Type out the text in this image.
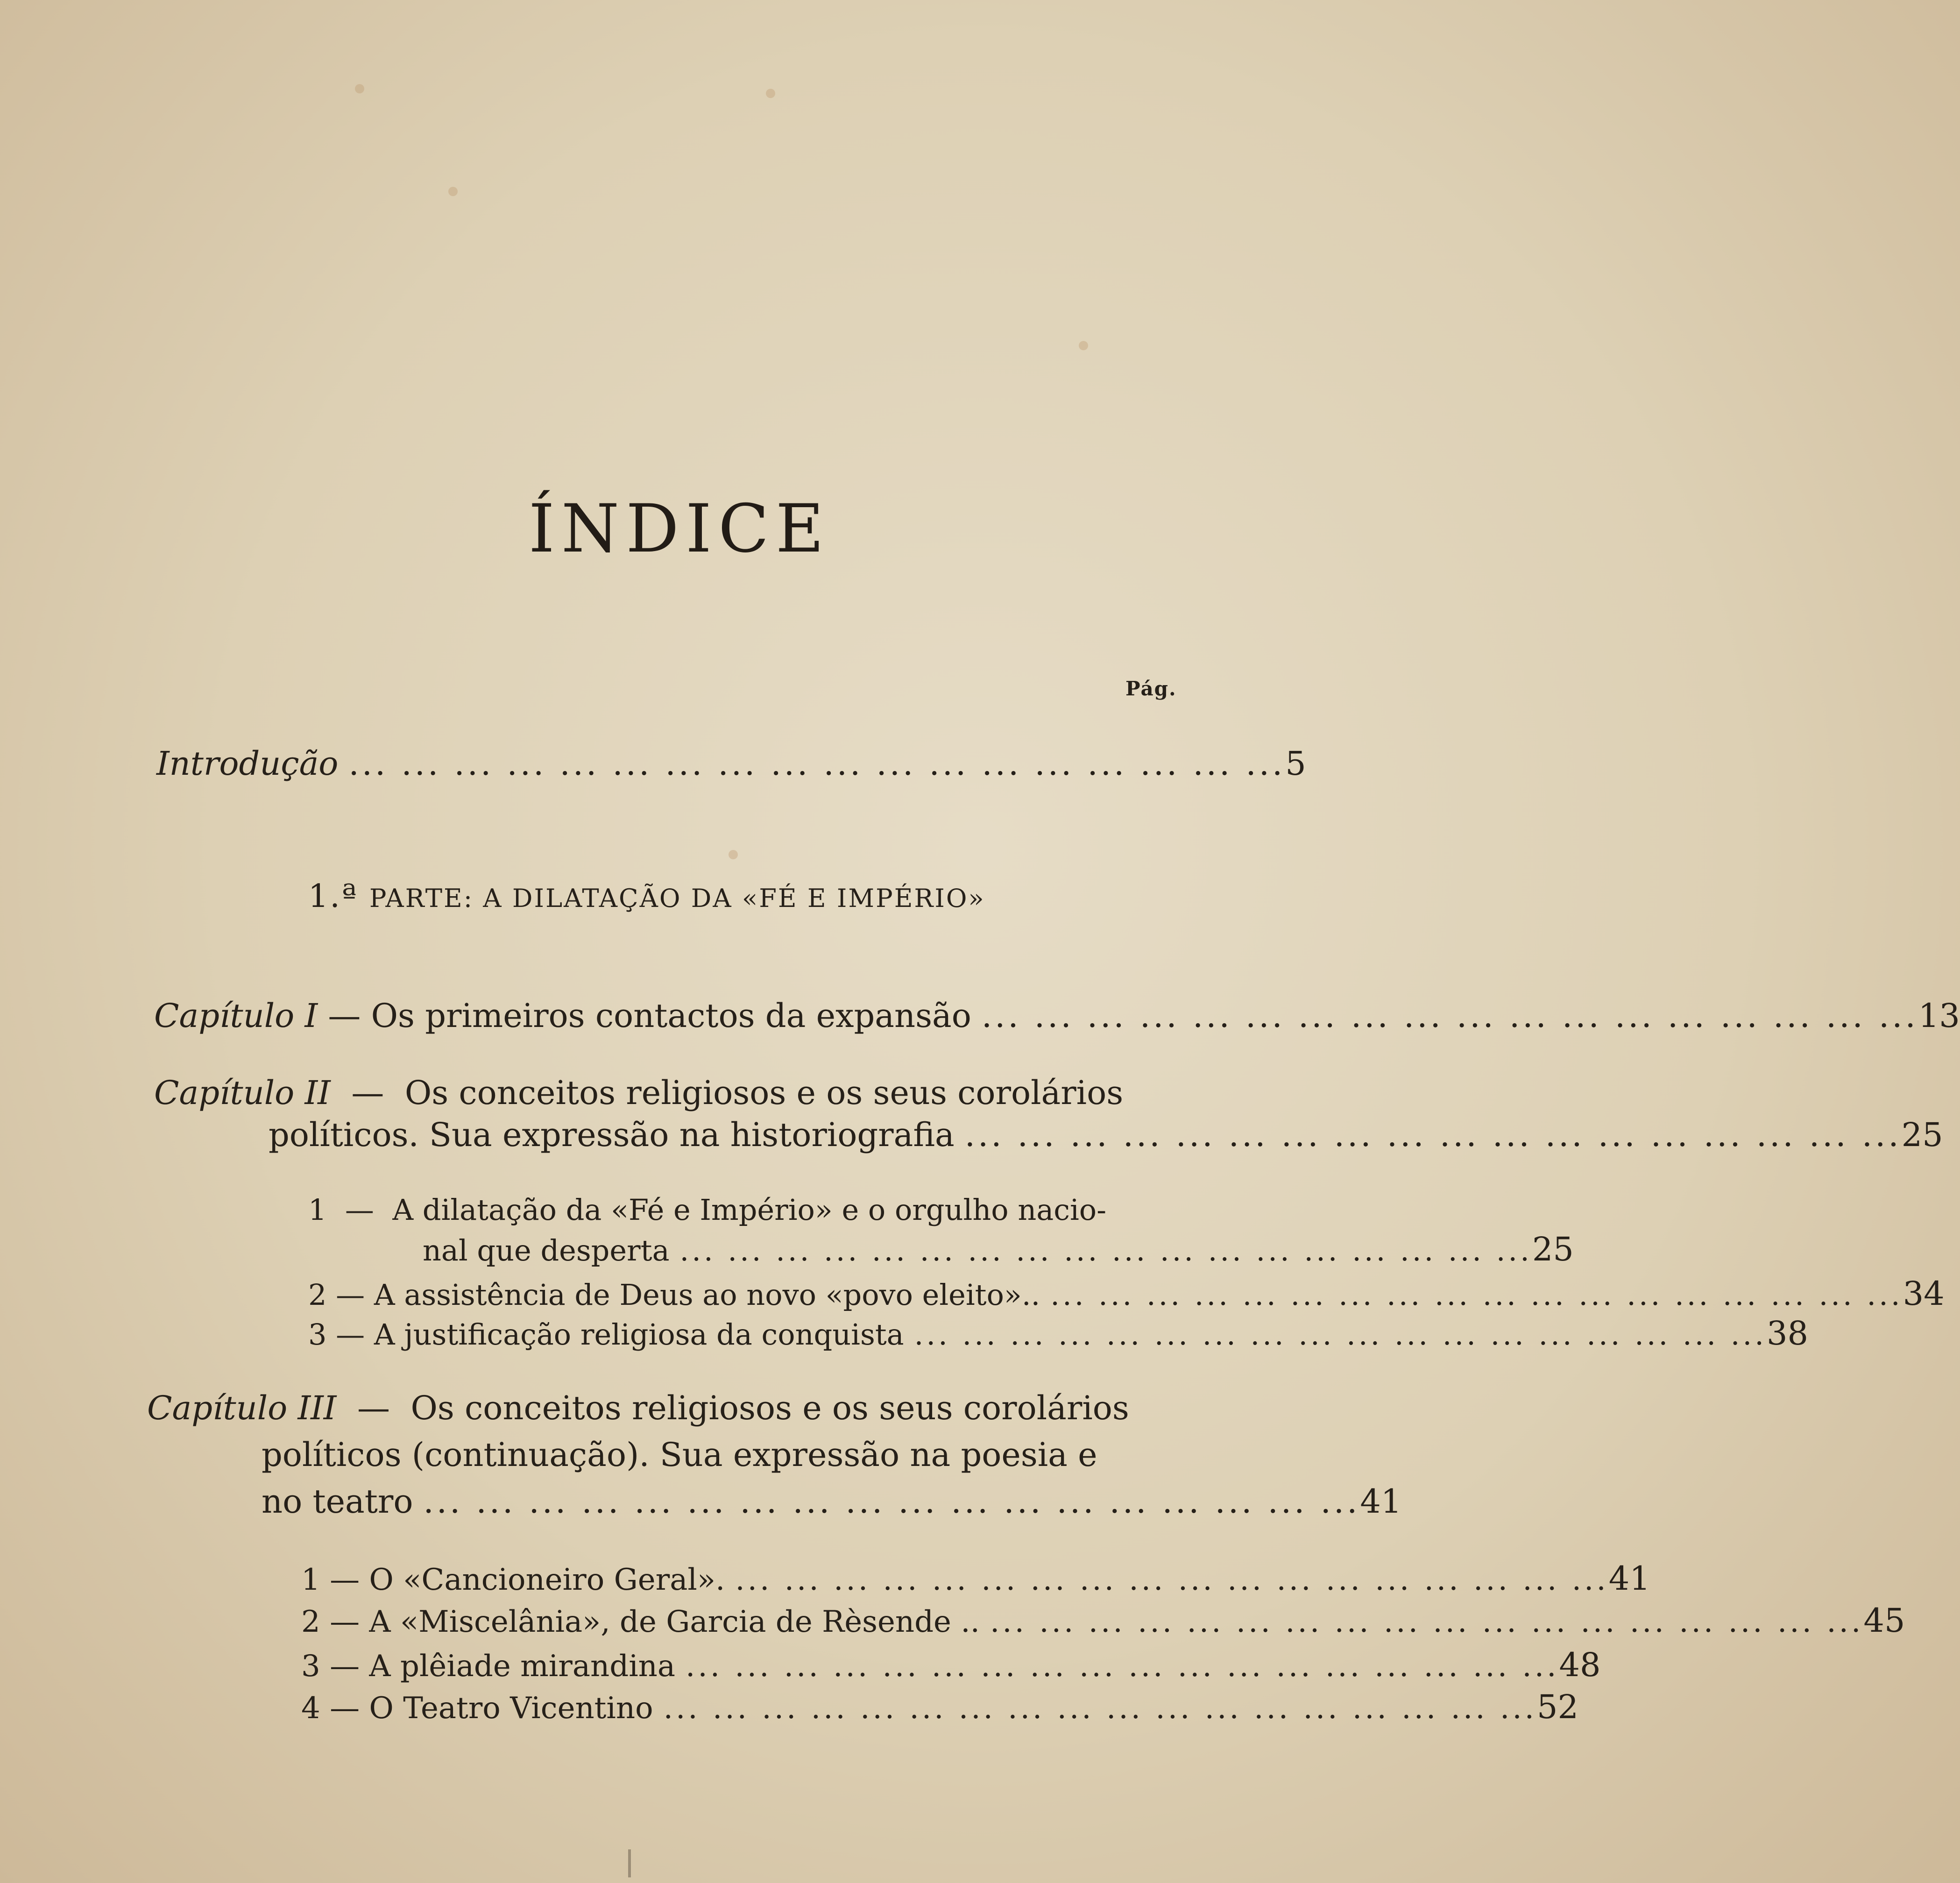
ÍNDICE
Pág.
Introdução ... ... ... ... ... ... ... ... ... ... ... ... ... ... ... ... ... ... 5
1.ª PARTE: A DILATAÇÃO DA «FÉ E IMPÉRIO»
Capítulo I — Os primeiros contactos da expansão ... ... ... ... ... ... ... ... ... ... ... ... ... ... ... ... ... ... 13
Capítulo II  —  Os conceitos religiosos e os seus corolários
políticos. Sua expressão na historiografia ... ... ... ... ... ... ... ... ... ... ... ... ... ... ... ... ... ... 25
1  —  A dilatação da «Fé e Império» e o orgulho nacio-
nal que desperta ... ... ... ... ... ... ... ... ... ... ... ... ... ... ... ... ... ... 25
2 — A assistência de Deus ao novo «povo eleito».. ... ... ... ... ... ... ... ... ... ... ... ... ... ... ... ... ... ... 34
3 — A justificação religiosa da conquista ... ... ... ... ... ... ... ... ... ... ... ... ... ... ... ... ... ... 38
Capítulo III  —  Os conceitos religiosos e os seus corolários
políticos (continuação). Sua expressão na poesia e
no teatro ... ... ... ... ... ... ... ... ... ... ... ... ... ... ... ... ... ... 41
1 — O «Cancioneiro Geral». ... ... ... ... ... ... ... ... ... ... ... ... ... ... ... ... ... ... 41
2 — A «Miscelânia», de Garcia de Rèsende .. ... ... ... ... ... ... ... ... ... ... ... ... ... ... ... ... ... ... 45
3 — A plêiade mirandina ... ... ... ... ... ... ... ... ... ... ... ... ... ... ... ... ... ... 48
4 — O Teatro Vicentino ... ... ... ... ... ... ... ... ... ... ... ... ... ... ... ... ... ... 52
